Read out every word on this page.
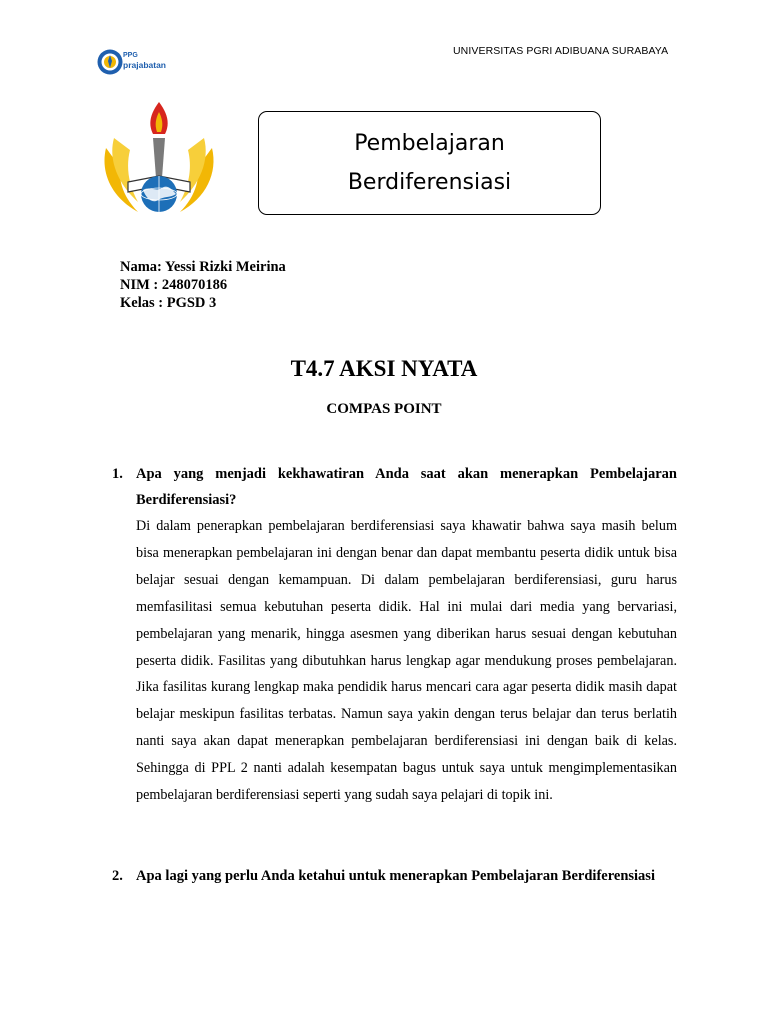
UNIVERSITAS PGRI ADIBUANA SURABAYA
PPG
prajabatan
Pembelajaran
Berdiferensiasi
Nama: Yessi Rizki Meirina
NIM : 248070186
Kelas : PGSD 3
T4.7 AKSI NYATA
COMPAS POINT
1. Apa yang menjadi kekhawatiran Anda saat akan menerapkan Pembelajaran Berdiferensiasi?
Di dalam penerapkan pembelajaran berdiferensiasi saya khawatir bahwa saya masih belum bisa menerapkan pembelajaran ini dengan benar dan dapat membantu peserta didik untuk bisa belajar sesuai dengan kemampuan. Di dalam pembelajaran berdiferensiasi, guru harus memfasilitasi semua kebutuhan peserta didik. Hal ini mulai dari media yang bervariasi, pembelajaran yang menarik, hingga asesmen yang diberikan harus sesuai dengan kebutuhan peserta didik. Fasilitas yang dibutuhkan harus lengkap agar mendukung proses pembelajaran. Jika fasilitas kurang lengkap maka pendidik harus mencari cara agar peserta didik masih dapat belajar meskipun fasilitas terbatas. Namun saya yakin dengan terus belajar dan terus berlatih nanti saya akan dapat menerapkan pembelajaran berdiferensiasi ini dengan baik di kelas. Sehingga di PPL 2 nanti adalah kesempatan bagus untuk saya untuk mengimplementasikan pembelajaran berdiferensiasi seperti yang sudah saya pelajari di topik ini.
2. Apa lagi yang perlu Anda ketahui untuk menerapkan Pembelajaran Berdiferensiasi
